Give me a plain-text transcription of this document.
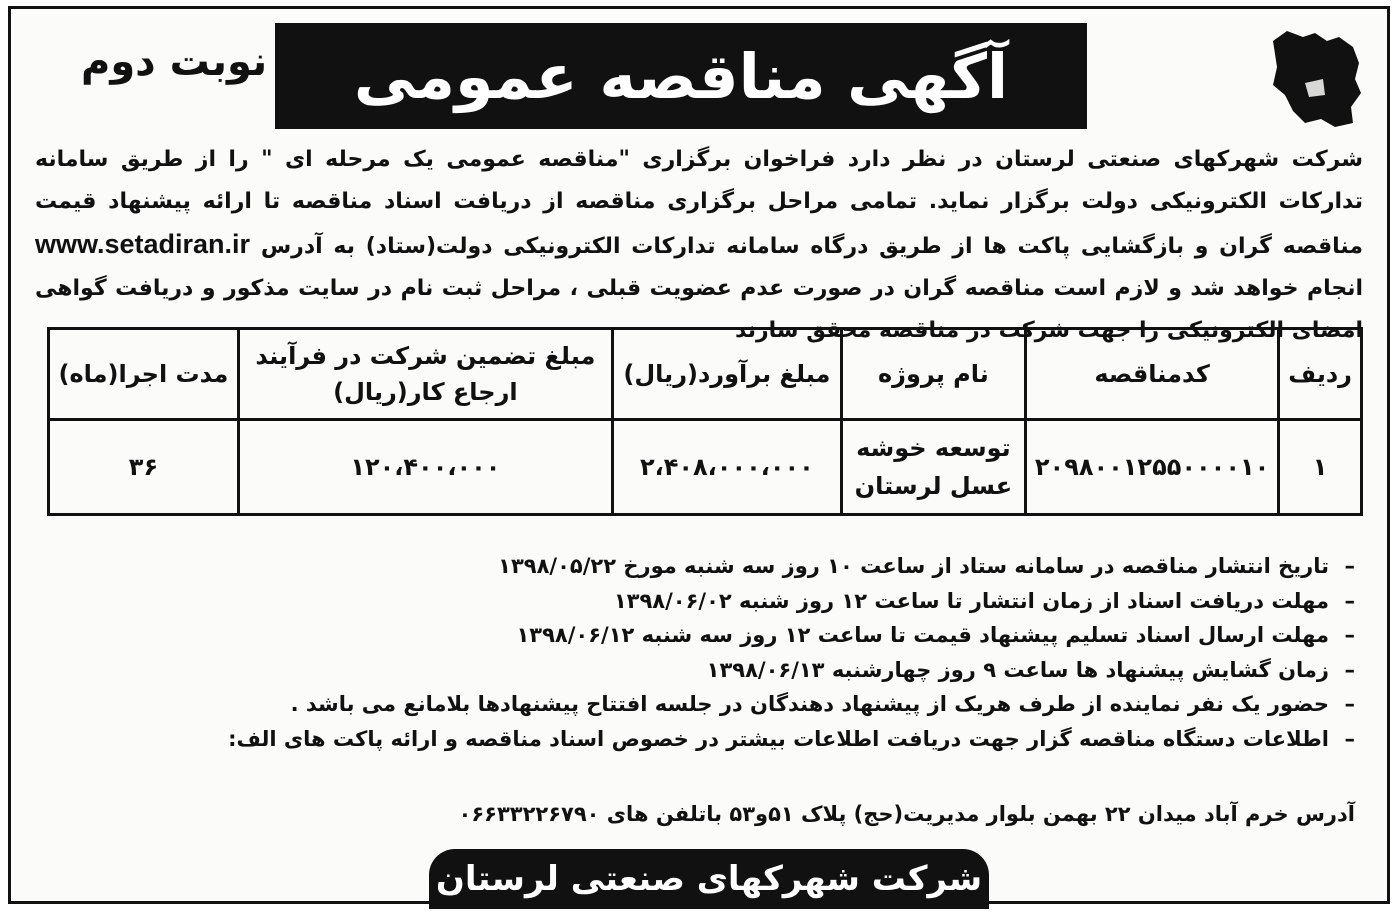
آگهی مناقصه عمومی
نوبت دوم

شرکت شهرکهای صنعتی لرستان در نظر دارد فراخوان برگزاری "مناقصه عمومی یک مرحله ای " را از طریق سامانه تدارکات الکترونیکی دولت برگزار نماید. تمامی مراحل برگزاری مناقصه از دریافت اسناد مناقصه تا ارائه پیشنهاد قیمت مناقصه گران و بازگشایی پاکت ها از طریق درگاه سامانه تدارکات الکترونیکی دولت(ستاد) به آدرس www.setadiran.ir انجام خواهد شد و لازم است مناقصه گران در صورت عدم عضویت قبلی ، مراحل ثبت نام در سایت مذکور و دریافت گواهی امضای الکترونیکی را جهت شرکت در مناقصه محقق سازند

ردیف	کدمناقصه	نام پروژه	مبلغ برآورد(ریال)	مبلغ تضمین شرکت در فرآیند ارجاع کار(ریال)	مدت اجرا(ماه)
۱	۲۰۹۸۰۰۱۲۵۵۰۰۰۰۱۰	توسعه خوشه عسل لرستان	۲،۴۰۸،۰۰۰،۰۰۰	۱۲۰،۴۰۰،۰۰۰	۳۶
–تاریخ انتشار مناقصه در سامانه ستاد از ساعت ۱۰ روز سه شنبه مورخ ۱۳۹۸/۰۵/۲۲
–مهلت دریافت اسناد از زمان انتشار تا ساعت ۱۲ روز شنبه ۱۳۹۸/۰۶/۰۲
–مهلت ارسال اسناد تسلیم پیشنهاد قیمت تا ساعت ۱۲ روز سه شنبه ۱۳۹۸/۰۶/۱۲
–زمان گشایش پیشنهاد ها ساعت ۹ روز چهارشنبه ۱۳۹۸/۰۶/۱۳
–حضور یک نفر نماینده از طرف هریک از پیشنهاد دهندگان در جلسه افتتاح پیشنهادها بلامانع می باشد .
–اطلاعات دستگاه مناقصه گزار جهت دریافت اطلاعات بیشتر در خصوص اسناد مناقصه و ارائه پاکت های الف:
آدرس خرم آباد میدان ۲۲ بهمن بلوار مدیریت(حج) پلاک ۵۱و۵۳ باتلفن های ۰۶۶۳۳۲۲۶۷۹۰
شرکت شهرکهای صنعتی لرستان
